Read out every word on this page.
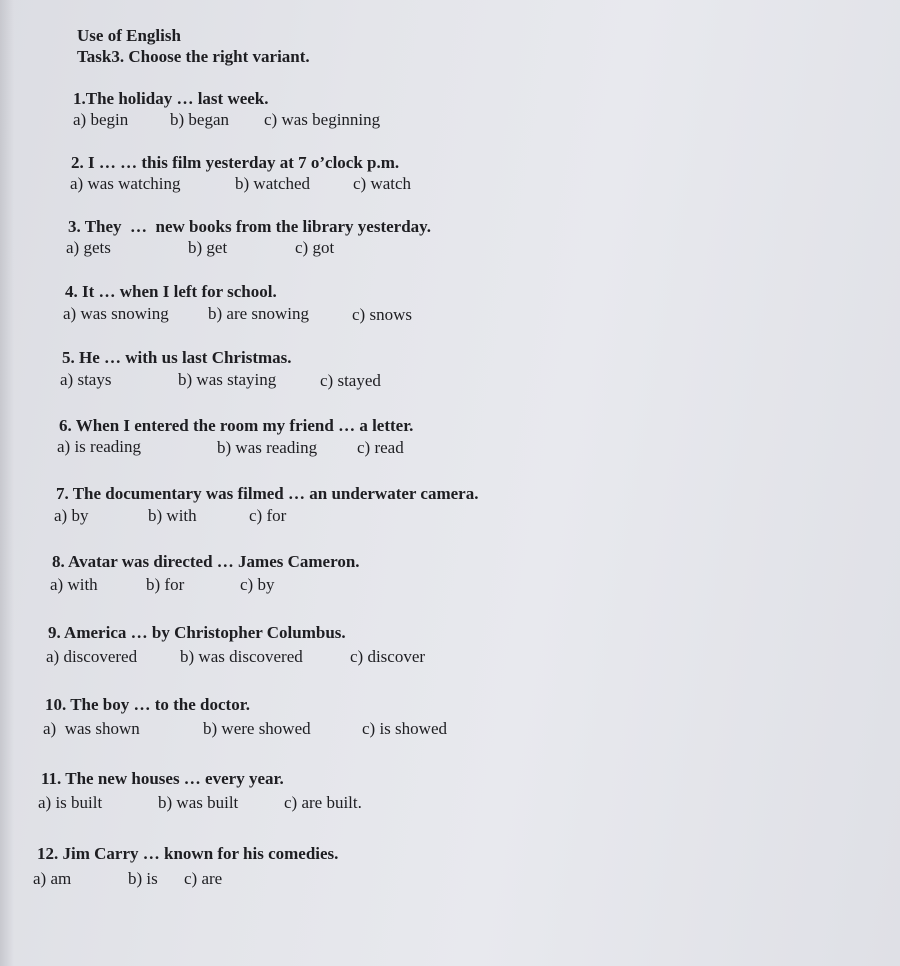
Use of English
Task3. Choose the right variant.
1.The holiday … last week.
a) begin b) began c) was beginning
2. I … … this film yesterday at 7 o’clock p.m.
a) was watching	b) watched	c) watch
3. They  …  new books from the library yesterday.
a) gets	b) get	c) got
4. It … when I left for school.
a) was snowing b) are snowing	c) snows
5. He … with us last Christmas.
a) stays	b) was staying	c) stayed
6. When I entered the room my friend … a letter.
a) is reading	b) was reading c) read
7. The documentary was filmed … an underwater camera.
a) by	b) with	c) for
8. Avatar was directed … James Cameron.
a) with	b) for	c) by
9. America … by Christopher Columbus.
a) discovered	b) was discovered	c) discover
10. The boy … to the doctor.
a)  was shown	b) were showed	c) is showed
11. The new houses … every year.
a) is built	b) was built	c) are built.
12. Jim Carry … known for his comedies.
a) am	b) is c) are
